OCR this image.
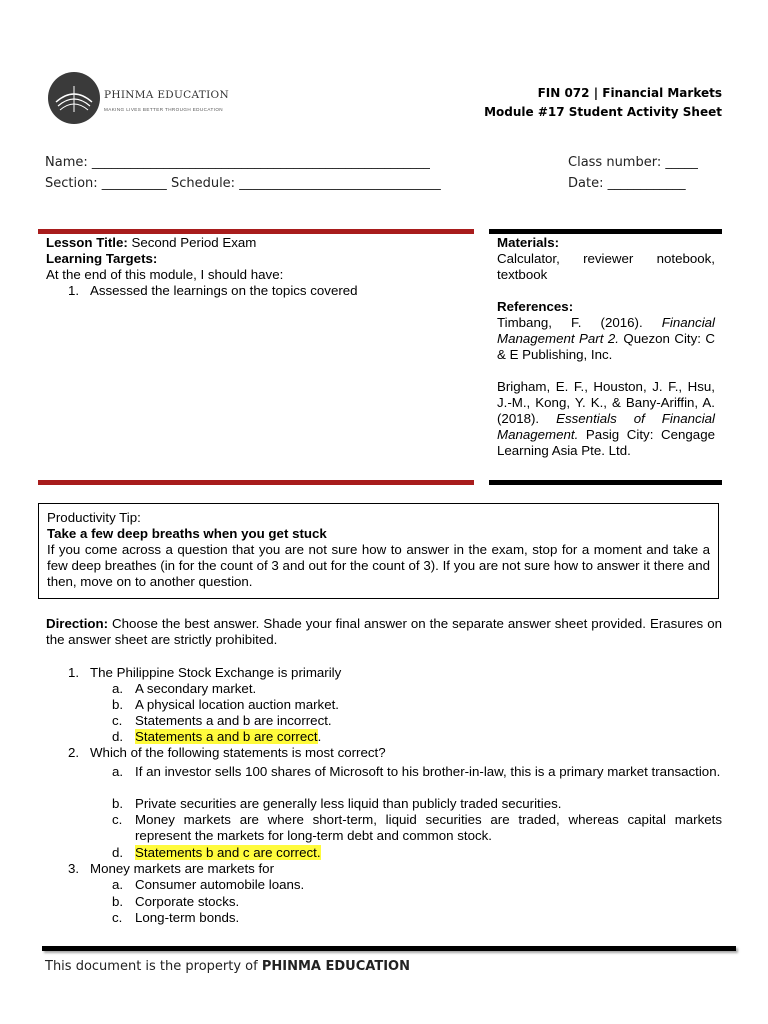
PHINMA EDUCATION
MAKING LIVES BETTER THROUGH EDUCATION
FIN 072 | Financial Markets
Module #17 Student Activity Sheet
Name: ____________________________________________________	Class number: _____
Section: __________ Schedule: _______________________________	Date: ____________
Lesson Title: Second Period Exam
Learning Targets:
At the end of this module, I should have:
1. Assessed the learnings on the topics covered
Materials:
Calculator, reviewer notebook, textbook
References:
Timbang, F. (2016). Financial Management Part 2. Quezon City: C & E Publishing, Inc.
Brigham, E. F., Houston, J. F., Hsu, J.-M., Kong, Y. K., & Bany-Ariffin, A. (2018). Essentials of Financial Management. Pasig City: Cengage Learning Asia Pte. Ltd.
Productivity Tip:
Take a few deep breaths when you get stuck
If you come across a question that you are not sure how to answer in the exam, stop for a moment and take a few deep breathes (in for the count of 3 and out for the count of 3). If you are not sure how to answer it there and then, move on to another question.
Direction: Choose the best answer. Shade your final answer on the separate answer sheet provided. Erasures on the answer sheet are strictly prohibited.
1. The Philippine Stock Exchange is primarily
a. A secondary market.
b. A physical location auction market.
c. Statements a and b are incorrect.
d. Statements a and b are correct.
2. Which of the following statements is most correct?
a. If an investor sells 100 shares of Microsoft to his brother-in-law, this is a primary market transaction.
b. Private securities are generally less liquid than publicly traded securities.
c. Money markets are where short-term, liquid securities are traded, whereas capital markets represent the markets for long-term debt and common stock.
d. Statements b and c are correct.
3. Money markets are markets for
a. Consumer automobile loans.
b. Corporate stocks.
c. Long-term bonds.
This document is the property of PHINMA EDUCATION
